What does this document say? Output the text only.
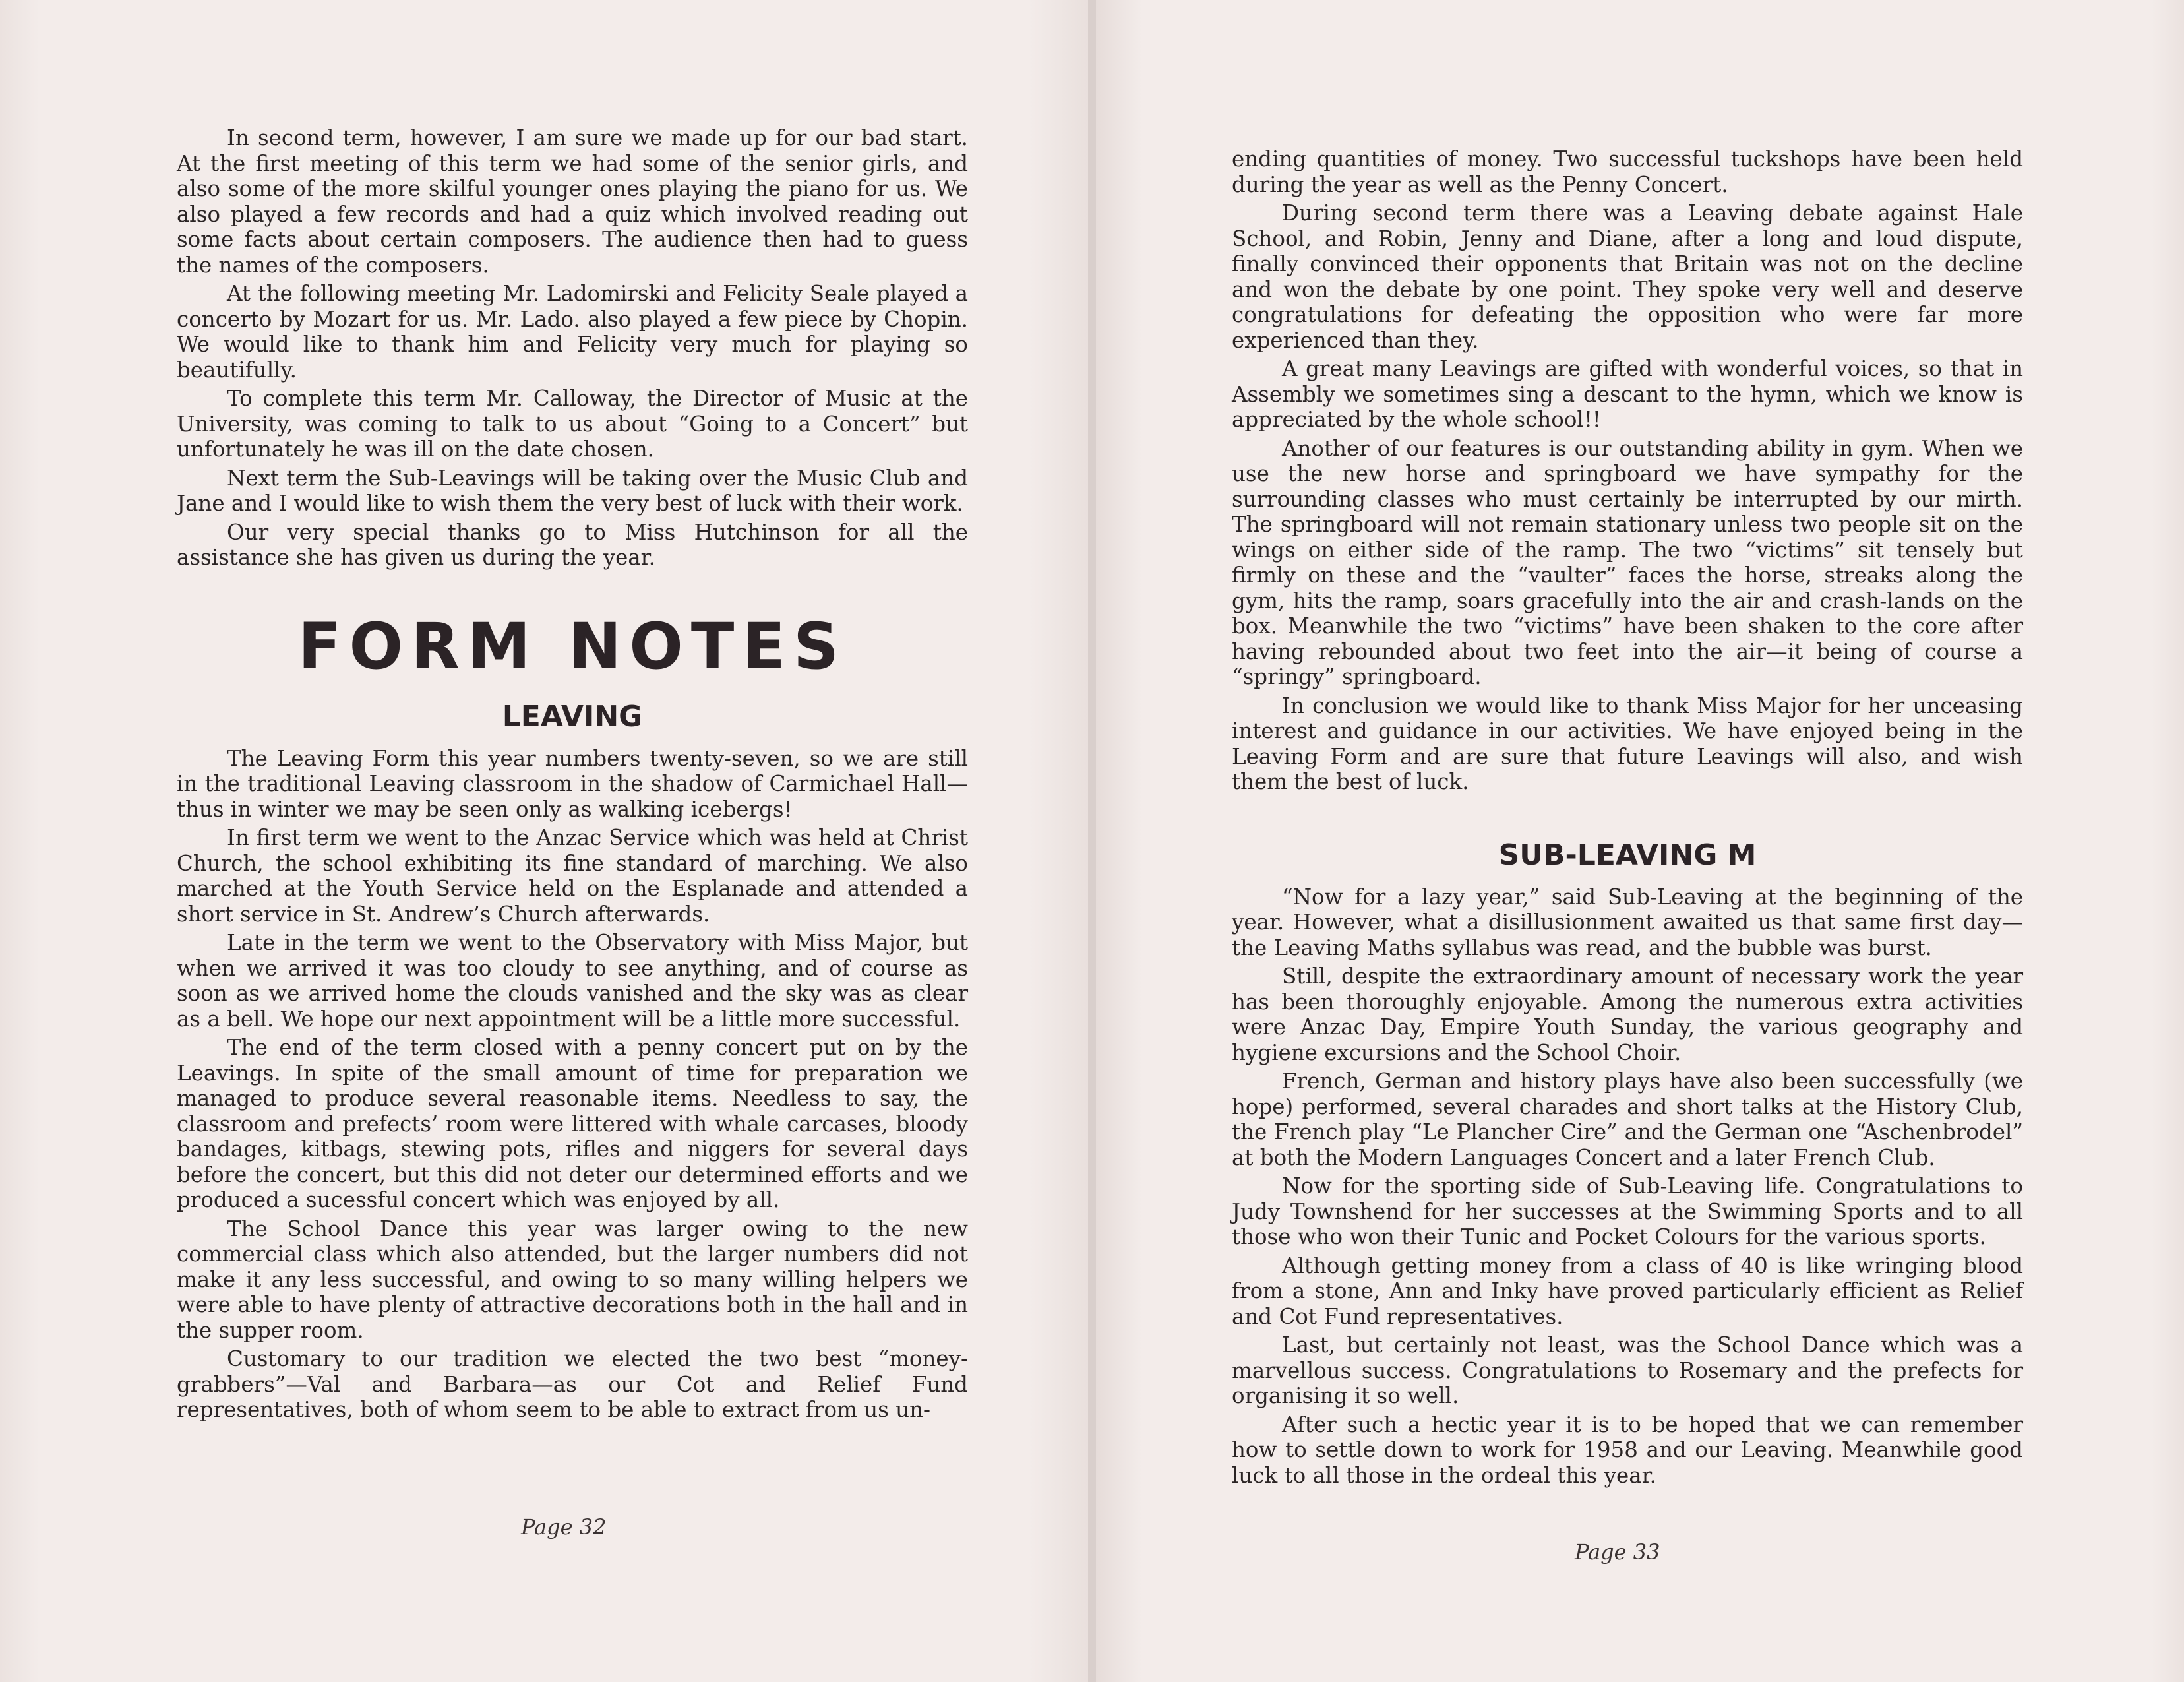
In second term, however, I am sure we made up for our bad start. At the first meeting of this term we had some of the senior girls, and also some of the more skilful younger ones playing the piano for us. We also played a few records and had a quiz which involved reading out some facts about certain composers. The audience then had to guess the names of the composers.

At the following meeting Mr. Ladomirski and Felicity Seale played a concerto by Mozart for us. Mr. Lado. also played a few piece by Chopin. We would like to thank him and Felicity very much for playing so beautifully.

To complete this term Mr. Calloway, the Director of Music at the University, was coming to talk to us about “Going to a Concert” but unfortunately he was ill on the date chosen.

Next term the Sub-Leavings will be taking over the Music Club and Jane and I would like to wish them the very best of luck with their work.

Our very special thanks go to Miss Hutchinson for all the assistance she has given us during the year.

FORM NOTES
LEAVING

The Leaving Form this year numbers twenty-seven, so we are still in the traditional Leaving classroom in the shadow of Carmichael Hall—thus in winter we may be seen only as walking icebergs!

In first term we went to the Anzac Service which was held at Christ Church, the school exhibiting its fine standard of marching. We also marched at the Youth Service held on the Esplanade and attended a short service in St. Andrew’s Church afterwards.

Late in the term we went to the Observatory with Miss Major, but when we arrived it was too cloudy to see anything, and of course as soon as we arrived home the clouds vanished and the sky was as clear as a bell. We hope our next appointment will be a little more successful.

The end of the term closed with a penny concert put on by the Leavings. In spite of the small amount of time for preparation we managed to produce several reasonable items. Needless to say, the classroom and prefects’ room were littered with whale carcases, bloody bandages, kitbags, stewing pots, rifles and niggers for several days before the concert, but this did not deter our determined efforts and we produced a sucessful concert which was enjoyed by all.

The School Dance this year was larger owing to the new commercial class which also attended, but the larger numbers did not make it any less successful, and owing to so many willing helpers we were able to have plenty of attractive decorations both in the hall and in the supper room.

Customary to our tradition we elected the two best “money-grabbers”—Val and Barbara—as our Cot and Relief Fund representatives, both of whom seem to be able to extract from us un-

Page 32

ending quantities of money. Two successful tuckshops have been held during the year as well as the Penny Concert.

During second term there was a Leaving debate against Hale School, and Robin, Jenny and Diane, after a long and loud dispute, finally convinced their opponents that Britain was not on the decline and won the debate by one point. They spoke very well and deserve congratulations for defeating the opposition who were far more experienced than they.

A great many Leavings are gifted with wonderful voices, so that in Assembly we sometimes sing a descant to the hymn, which we know is appreciated by the whole school!!

Another of our features is our outstanding ability in gym. When we use the new horse and springboard we have sympathy for the surrounding classes who must certainly be interrupted by our mirth. The springboard will not remain stationary unless two people sit on the wings on either side of the ramp. The two “victims” sit tensely but firmly on these and the “vaulter” faces the horse, streaks along the gym, hits the ramp, soars gracefully into the air and crash-lands on the box. Meanwhile the two “victims” have been shaken to the core after having rebounded about two feet into the air—it being of course a “springy” springboard.

In conclusion we would like to thank Miss Major for her unceasing interest and guidance in our activities. We have enjoyed being in the Leaving Form and are sure that future Leavings will also, and wish them the best of luck.

SUB-LEAVING M

“Now for a lazy year,” said Sub-Leaving at the beginning of the year. However, what a disillusionment awaited us that same first day—the Leaving Maths syllabus was read, and the bubble was burst.

Still, despite the extraordinary amount of necessary work the year has been thoroughly enjoyable. Among the numerous extra activities were Anzac Day, Empire Youth Sunday, the various geography and hygiene excursions and the School Choir.

French, German and history plays have also been successfully (we hope) performed, several charades and short talks at the History Club, the French play “Le Plancher Cire” and the German one “Aschenbrodel” at both the Modern Languages Concert and a later French Club.

Now for the sporting side of Sub-Leaving life. Congratulations to Judy Townshend for her successes at the Swimming Sports and to all those who won their Tunic and Pocket Colours for the various sports.

Although getting money from a class of 40 is like wringing blood from a stone, Ann and Inky have proved particularly efficient as Relief and Cot Fund representatives.

Last, but certainly not least, was the School Dance which was a marvellous success. Congratulations to Rosemary and the prefects for organising it so well.

After such a hectic year it is to be hoped that we can remember how to settle down to work for 1958 and our Leaving. Meanwhile good luck to all those in the ordeal this year.

Page 33
